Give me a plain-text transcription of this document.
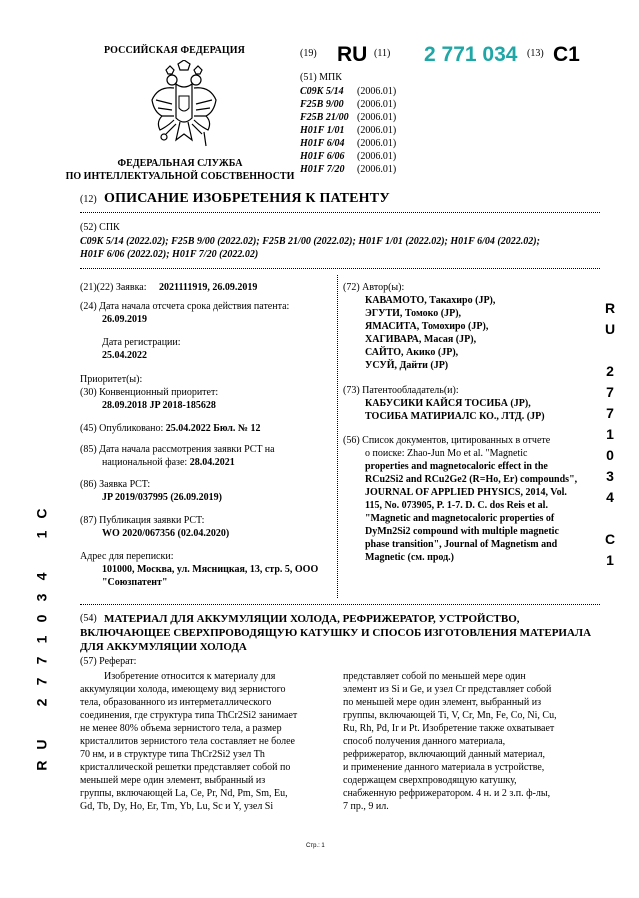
РОССИЙСКАЯ ФЕДЕРАЦИЯ
ФЕДЕРАЛЬНАЯ СЛУЖБА
ПО ИНТЕЛЛЕКТУАЛЬНОЙ СОБСТВЕННОСТИ
(19) RU (11) 2 771 034 (13) C1
(51) МПК
C09K 5/14	(2006.01)
F25B 9/00	(2006.01)
F25B 21/00 (2006.01)
H01F 1/01	(2006.01)
H01F 6/04	(2006.01)
H01F 6/06	(2006.01)
H01F 7/20	(2006.01)
(12) ОПИСАНИЕ ИЗОБРЕТЕНИЯ К ПАТЕНТУ
(52) СПК
C09K 5/14 (2022.02); F25B 9/00 (2022.02); F25B 21/00 (2022.02); H01F 1/01 (2022.02); H01F 6/04 (2022.02);
H01F 6/06 (2022.02); H01F 7/20 (2022.02)
(21)(22) Заявка: 2021111919, 26.09.2019
(24) Дата начала отсчета срока действия патента:
26.09.2019
Дата регистрации:
25.04.2022
Приоритет(ы):
(30) Конвенционный приоритет:
28.09.2018 JP 2018-185628
(45) Опубликовано: 25.04.2022 Бюл. № 12
(85) Дата начала рассмотрения заявки PCT на
национальной фазе: 28.04.2021
(86) Заявка PCT:
JP 2019/037995 (26.09.2019)
(87) Публикация заявки PCT:
WO 2020/067356 (02.04.2020)
Адрес для переписки:
101000, Москва, ул. Мясницкая, 13, стр. 5, ООО
"Союзпатент"
(72) Автор(ы):
КАВАМОТО, Такахиро (JP),
ЭГУТИ, Томоко (JP),
ЯМАСИТА, Томохиро (JP),
ХАГИВАРА, Масая (JP),
САЙТО, Акико (JP),
УСУЙ, Дайти (JP)
(73) Патентообладатель(и):
КАБУСИКИ КАЙСЯ ТОСИБА (JP),
ТОСИБА МАТИРИАЛС КО., ЛТД. (JP)
(56) Список документов, цитированных в отчете
о поиске: Zhao-Jun Mo et al. "Magnetic
properties and magnetocaloric effect in the
RCu2Si2 and RCu2Ge2 (R=Ho, Er) compounds",
JOURNAL OF APPLIED PHYSICS, 2014, Vol.
115, No. 073905, P. 1-7. D. C. dos Reis et al.
"Magnetic and magnetocaloric properties of
DyMn2Si2 compound with multiple magnetic
phase transition", Journal of Magnetism and
Magnetic (см. прод.)
R
U

2
7
7
1
0
3
4

C
1
C
1

4
3
0
1
7
7
2

U
R
(54) МАТЕРИАЛ ДЛЯ АККУМУЛЯЦИИ ХОЛОДА, РЕФРИЖЕРАТОР, УСТРОЙСТВО,
ВКЛЮЧАЮЩЕЕ СВЕРХПРОВОДЯЩУЮ КАТУШКУ И СПОСОБ ИЗГОТОВЛЕНИЯ МАТЕРИАЛА
ДЛЯ АККУМУЛЯЦИИ ХОЛОДА
(57) Реферат:
Изобретение относится к материалу для
аккумуляции холода, имеющему вид зернистого
тела, образованного из интерметаллического
соединения, где структура типа ThCr2Si2 занимает
не менее 80% объема зернистого тела, а размер
кристаллитов зернистого тела составляет не более
70 нм, и в структуре типа ThCr2Si2 узел Th
кристаллической решетки представляет собой по
меньшей мере один элемент, выбранный из
группы, включающей La, Ce, Pr, Nd, Pm, Sm, Eu,
Gd, Tb, Dy, Ho, Er, Tm, Yb, Lu, Sc и Y, узел Si
представляет собой по меньшей мере один
элемент из Si и Ge, и узел Cr представляет собой
по меньшей мере один элемент, выбранный из
группы, включающей Ti, V, Cr, Mn, Fe, Co, Ni, Cu,
Ru, Rh, Pd, Ir и Pt. Изобретение также охватывает
способ получения данного материала,
рефрижератор, включающий данный материал,
и применение данного материала в устройстве,
содержащем сверхпроводящую катушку,
снабженную рефрижератором. 4 н. и 2 з.п. ф-лы,
7 пр., 9 ил.
Стр.: 1
